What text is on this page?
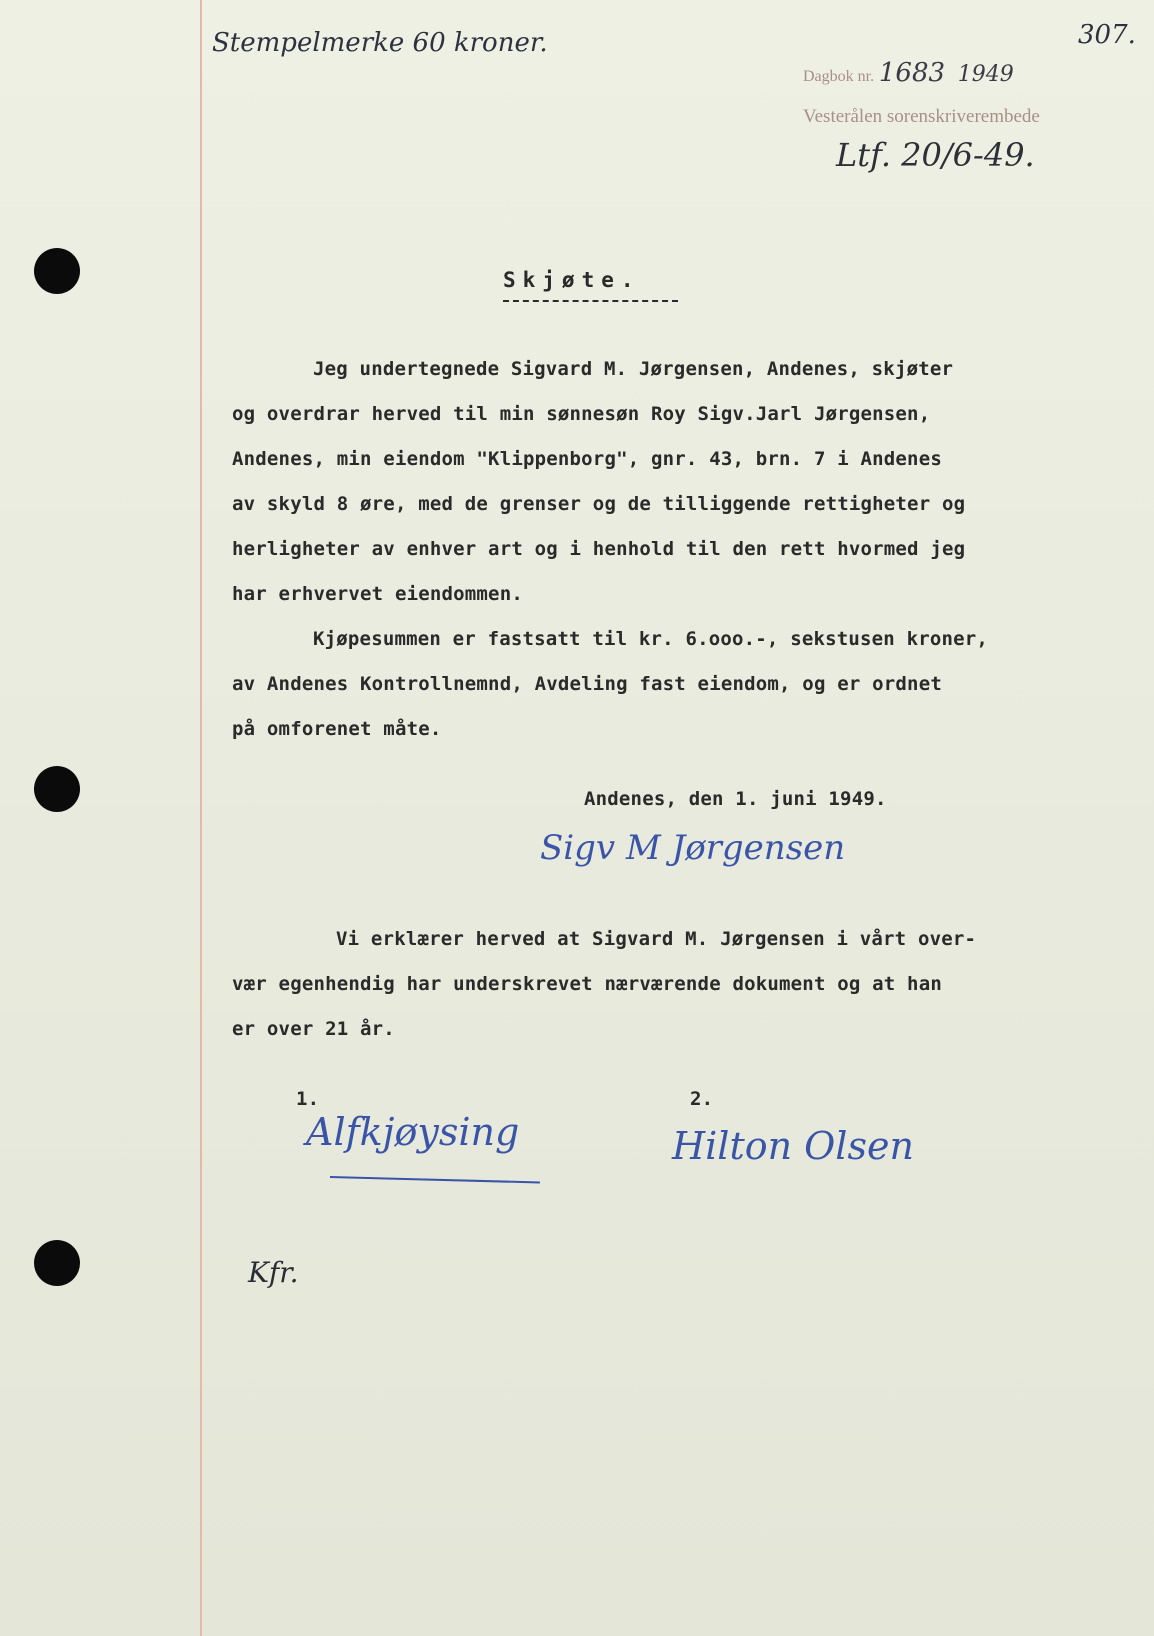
Stempelmerke 60 kroner.	307.
Dagbok nr. 1683 1949
Vesterålen sorenskriverembede
Ltf. 20/6-49.
Skjøte.
Jeg undertegnede Sigvard M. Jørgensen, Andenes, skjøter
og overdrar herved til min sønnesøn Roy Sigv.Jarl Jørgensen,
Andenes, min eiendom "Klippenborg", gnr. 43, brn. 7 i Andenes
av skyld 8 øre, med de grenser og de tilliggende rettigheter og
herligheter av enhver art og i henhold til den rett hvormed jeg
har erhvervet eiendommen.
Kjøpesummen er fastsatt til kr. 6.ooo.-, sekstusen kroner,
av Andenes Kontrollnemnd, Avdeling fast eiendom, og er ordnet
på omforenet måte.
Andenes, den 1. juni 1949.
Sigv M Jørgensen
Vi erklærer herved at Sigvard M. Jørgensen i vårt over-
vær egenhendig har underskrevet nærværende dokument og at han
er over 21 år.
1.
Alfkjøysing
2.
Hilton Olsen
Kfr.
